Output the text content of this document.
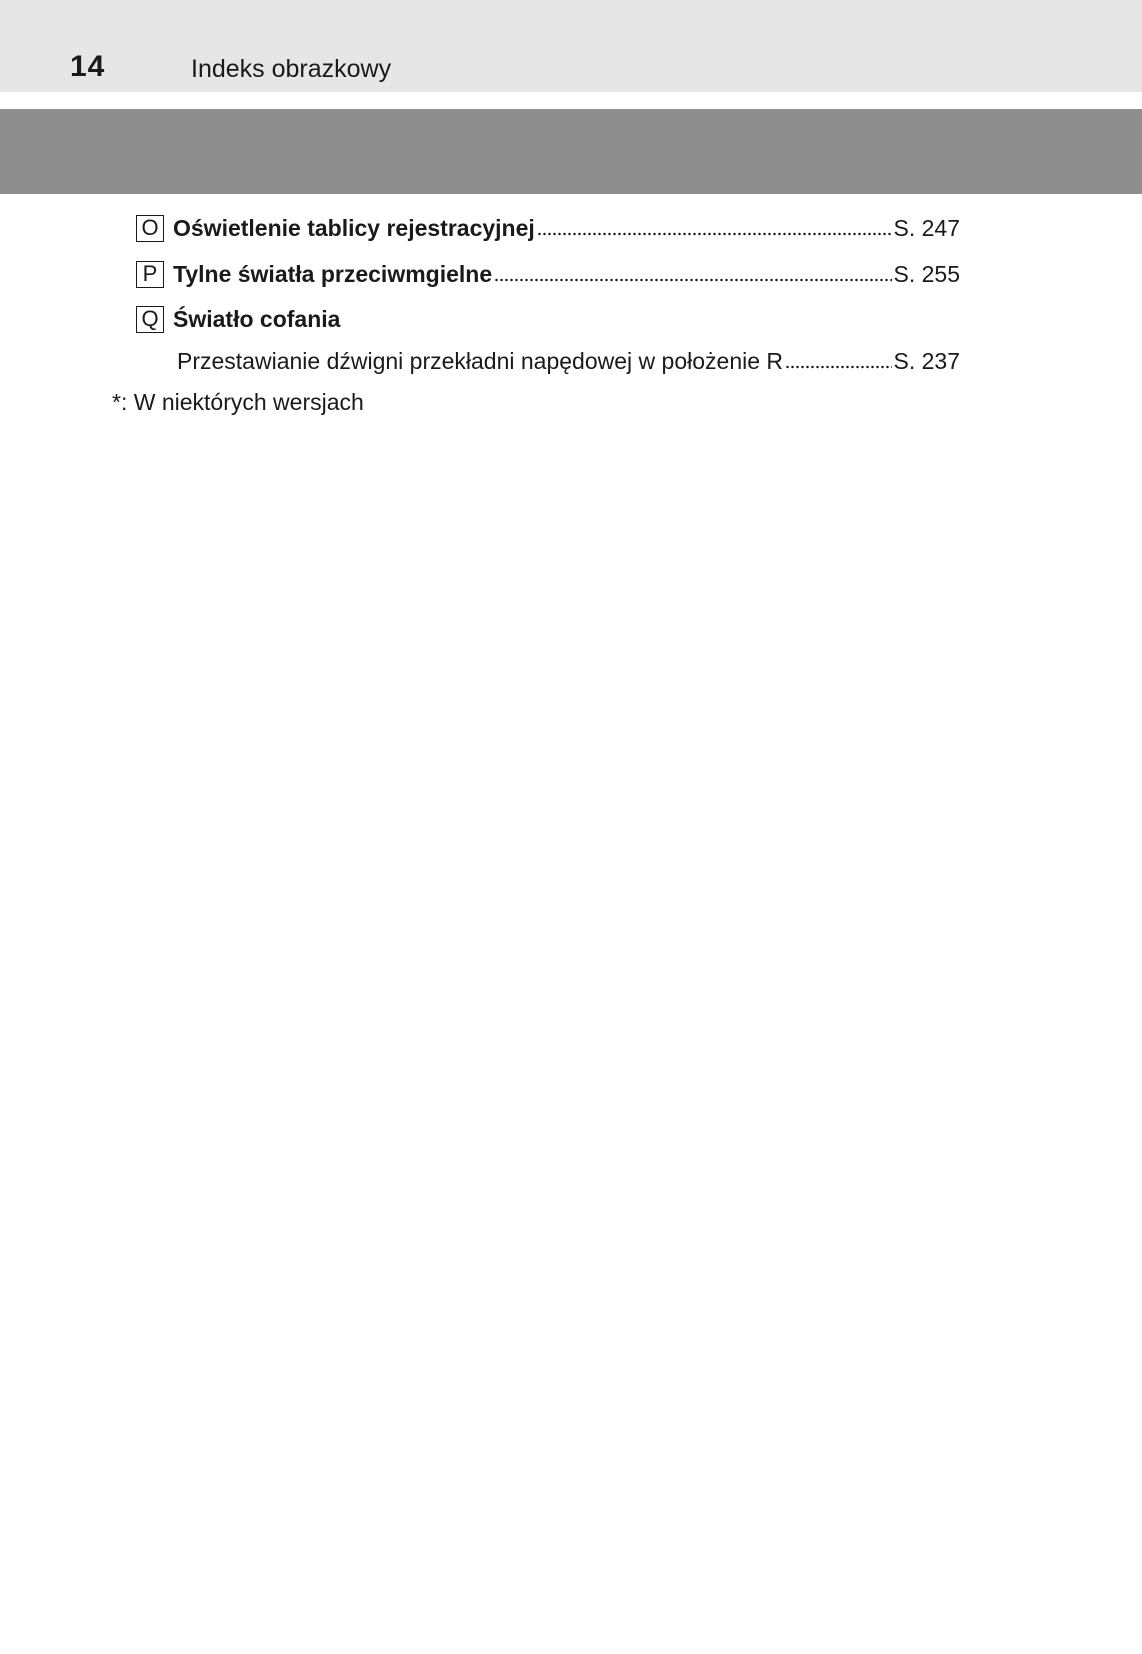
14	Indeks obrazkowy
O Oświetlenie tablicy rejestracyjnej	S. 247
P Tylne światła przeciwmgielne	S. 255
Q Światło cofania
Przestawianie dźwigni przekładni napędowej w położenie R	S. 237
*: W niektórych wersjach
